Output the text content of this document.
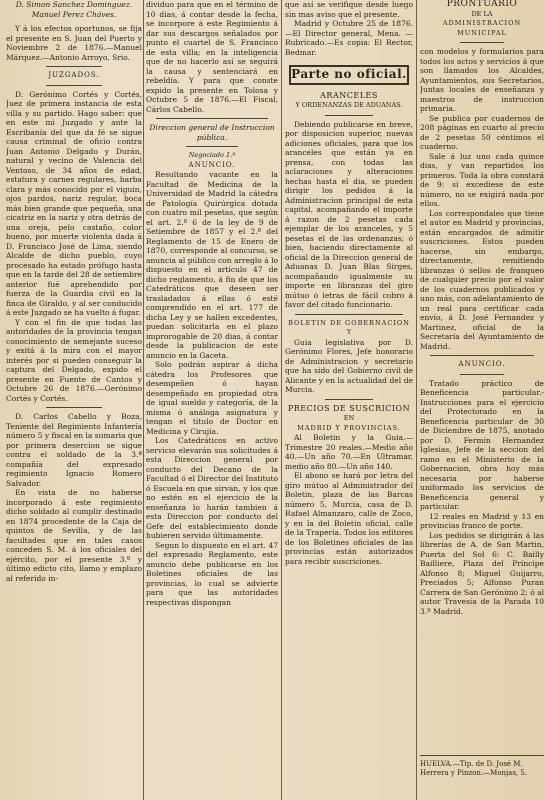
D. Simon Sanchez Dominguez.

Manuel Perez Cháves.

Y á los efectos oportunos, se fija el presente en S. Juan del Puerto y Noviembre 2 de 1876.—Manuel Márquez.—Antonio Arroyo, Srio.

JUZGADOS.

D. Gerónimo Cortés y Cortés, Juez de primera instancia de esta villa y su partido. Hago saber: que en este mi Juzgado y ante la Escribanía del que da fé se sigue causa criminal de oficio contra Juan Antonio Delgado y Durán, natural y vecino de Valencia del Ventoso, de 34 años de edad, estatura y carnes regulares, barba clara y más conocido por el viguin, ojos pardos, nariz regular, boca más bien grande que pequeña, una cicatriz en la nariz y otra detrás de una oreja, pelo castaño, color bueno, por muerte violenta dada á D. Francisco José de Lima, siendo Alcalde de dicho pueblo, cuyo procesado ha estado prófugo hasta que en la tarde del 28 de setiembre anterior fué aprehendido por fuerza de la Guardia civil en la finca de Giraldo, y al ser conducido á este Juzgado se ha vuelto á fugar.

Y con el fin de que todas las autoridades de la provincia tengan conocimiento de semejante suceso y exitá á la mira con el mayor interés por si pueden conseguir la captura del Delgado, expido el presente en Fuente de Cantos y Octubre 26 de 1876.—Gerónimo Cortés y Cortés.

D. Carlos Cabello y Boza, Teniente del Regimiento Infantería número 5 y fiscal en la sumaria que por primera desercion se sigue contra el soldado de la 3.ª compañía del expresado regimiento Ignacio Romero Salvador.

En vista de no haberse incorporado á este regimiento dicho soldado al cumplir destinado en 1874 procedente de la Caja de quintos de Sevilla, y de las facultades que en tales casos conceden S. M. á los oficiales del ejército, por el presente 3.º y último edicto cito, llamo y emplazo al referido in-

dividuo para que en el término de 10 dias, á contar desde la fecha, se incorpore á este Regimiento á dar sus descargos señalados por punto el cuartel de S. Francisco de esta villa; en la inteligencia que de no hacerlo así se seguirá la causa y sentenciará en rebeldía. Y para que conste expido la presente en Tolosa y Octubre 5 de 1876.—El Fiscal, Cárlos Cabello.

Direccion general de Instruccion pública.

Negociado 1.º

ANUNCIO.

Resultando vacante en la Facultad de Medicina de la Universidad de Madrid la cátedra de Patología Quirúrgica dotada con cuatro mil pesetas, que según el art. 2.º 6 de la ley de 9 de Setiembre de 1857 y el 2.º del Reglamento de 15 de Enero de 1870, corresponde al concurso, se anuncia al público con arreglo á lo dispuesto en el artículo 47 de dicho reglamento, á fin de que los Catedráticos que deseen ser trasladados á ellas ó esté comprendido en el art. 177 de dicha Ley y se hallen excedentes, puedan solicitarla en el plazo improrogable de 20 dias, á contar desde la publicacion de este anuncio en la Gaceta.

Solo podrán aspirar á dicha cátedra los Profesores que desempeñen ó hayan desempeñado en propiedad otra de igual sueldo y categoría, de la misma ó análoga asignatura y tengan el título de Doctor en Medicina y Cirujía.

Los Catedráticos en activo servicio elevarán sus solicitudes á esta Direccion general por conducto del Decano de la Facultad ó el Director del Instituto ó Escuela en que sirvan, y los que no estén en el ejercicio de la enseñanza lo harán tambien á esta Direccion por conducto del Gefe del establecimiento donde hubieren servido últimamente.

Segun lo dispuesto en el art. 47 del expresado Reglamento, este anuncio debe publicarse en los Boletines oficiales de las provincias, lo cual se advierte para que las autoridades respectivas dispongan

que así se verifique desde luego sin mas aviso que el presente.

Madrid y Octubre 25 de 1876. —El Director general, Mena. —Rubricado.—Es copia: El Rector, Bedmar.

Parte no oficial.

ARANCELES

Y ORDENANZAS DE ADUANAS.

Debiendo publicarse en breve, por disposicion superior, nuevas adiciones oficiales, para que los aranceles que están ya en prensa, con todas las aclaraciones y alteraciones hechas hasta el dia, se pueden dirigir los pedidos á la Administracion principal de esta capital, acompañando el importe á razon de 2 pesetas cada ejemplar de los aranceles, y 5 pesetas el de las ordenanzas; ó bien, haciendo directamente al oficial de la Direccion general de Aduanas D. Juan Blas Sirges, acompañando igualmente su importe en libranzas del giro mútuo ó letras de fácil cobro á favor del citado funcionario.

BOLETIN DE GOBERNACION

Y

Guia legislativa por D. Gerónimo Flores, Jefe honorario de Administracion y secretario que ha sido del Gobierno civil de Alicante y en la actualidad del de Murcia.

PRECIOS DE SUSCRICION

EN

MADRID Y PROVINCIAS.

Al Boletin y la Guia.—Trimestre 20 reales.—Medio año 40.—Un año 70.—En Ultramar, medio año 80.—Un año 140.

El abono se hará por letra del giro mútuo al Administrador del Boletin, plaza de las Barcas número 5, Murcia, casa de D. Rafael Almanzaro, calle de Zoco, y en la del Boletin oficial, calle de la Trapería. Todos los editores de los Boletines oficiales de las provincias están autorizados para recibir suscriciones.

PRONTUARIO

DE LA

ADMINISTRACION MUNICIPAL

con modelos y formularios para todos los actos y servicios á que son llamados los Alcaldes, Ayuntamientos, sus Secretarios, Juntas locales de enseñanza y maestros de instruccion primaria.

Se publica por cuadernos de 208 páginas en cuarto al precio de 2 pesetas 50 céntimos el cuaderno.

Sale á luz uno cada quince dias, y van repartidos los primeros. Toda la obra constará de 9: si excediese de este número, no se exigirá nada por ellos.

Los correspondales que tiene el autor en Madrid y provincias, están encargados de admitir suscriciones. Estos pueden hacerse, sin embargo, directamente, remitiendo libranzas ó sellos de franqueo de cualquier precio por el valor de los cuadernos publicados y uno más, con adelantamiento de un real para certificar cada envío, á D. José Fernandez y Martinez, oficial de la Secretaría del Ayuntamiento de Madrid.

ANUNCIO.

Tratado práctico de Beneficencia particular.-Instrucciones para el ejercicio del Protectorado en la Beneficencia particular de 30 de Diciembre de 1875, anotado por D. Fermin Hernandez Iglesias, Jefe de la seccion del ramo en el Ministerio de la Gobernacion, obra hoy más necesaria por haberse uniformado los servicios de Beneficencia general y particular.

12 reales en Madrid y 13 en provincias franco de porte.

Los pedidos se dirigirán á las librerías de A. de San Martin, Puerta del Sol 6: C. Bailly Bailliere, Plaza del Príncipe Alfonso 8; Miguel Guijarro, Preciados 5; Alfonso Puran Carrera de San Gerónimo 2; ó al autor Travesía de la Parada 10 3.º Madrid.

HUELVA.—Tip. de D. José M. Herrera y Pinzon.—Monjas, 5.
